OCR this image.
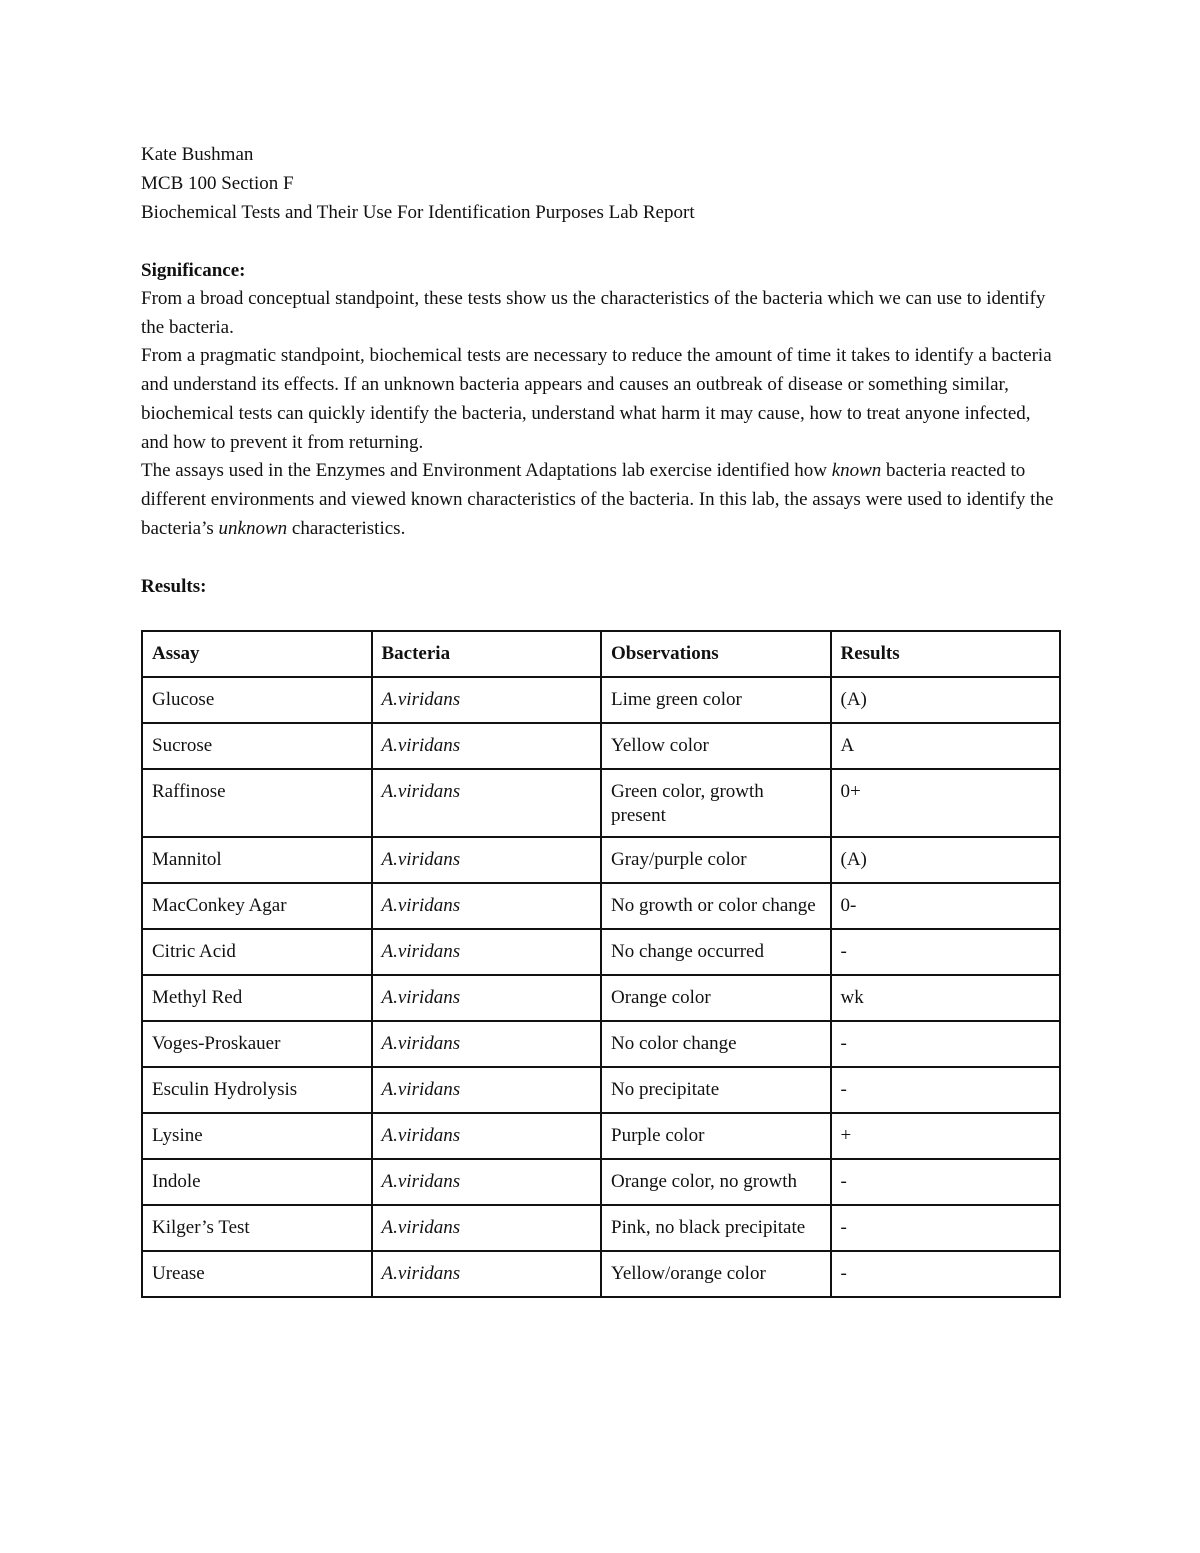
Kate Bushman

MCB 100 Section F

Biochemical Tests and Their Use For Identification Purposes Lab Report

Significance:

From a broad conceptual standpoint, these tests show us the characteristics of the bacteria which we can use to identify the bacteria.

From a pragmatic standpoint, biochemical tests are necessary to reduce the amount of time it takes to identify a bacteria and understand its effects. If an unknown bacteria appears and causes an outbreak of disease or something similar, biochemical tests can quickly identify the bacteria, understand what harm it may cause, how to treat anyone infected, and how to prevent it from returning.

The assays used in the Enzymes and Environment Adaptations lab exercise identified how known bacteria reacted to different environments and viewed known characteristics of the bacteria. In this lab, the assays were used to identify the bacteria’s unknown characteristics.

Results:

Assay	Bacteria	Observations	Results
Glucose	A.viridans	Lime green color	(A)
Sucrose	A.viridans	Yellow color	A
Raffinose	A.viridans	Green color, growth present	0+
Mannitol	A.viridans	Gray/purple color	(A)
MacConkey Agar	A.viridans	No growth or color change	0-
Citric Acid	A.viridans	No change occurred	-
Methyl Red	A.viridans	Orange color	wk
Voges-Proskauer	A.viridans	No color change	-
Esculin Hydrolysis	A.viridans	No precipitate	-
Lysine	A.viridans	Purple color	+
Indole	A.viridans	Orange color, no growth	-
Kilger’s Test	A.viridans	Pink, no black precipitate	-
Urease	A.viridans	Yellow/orange color	-
